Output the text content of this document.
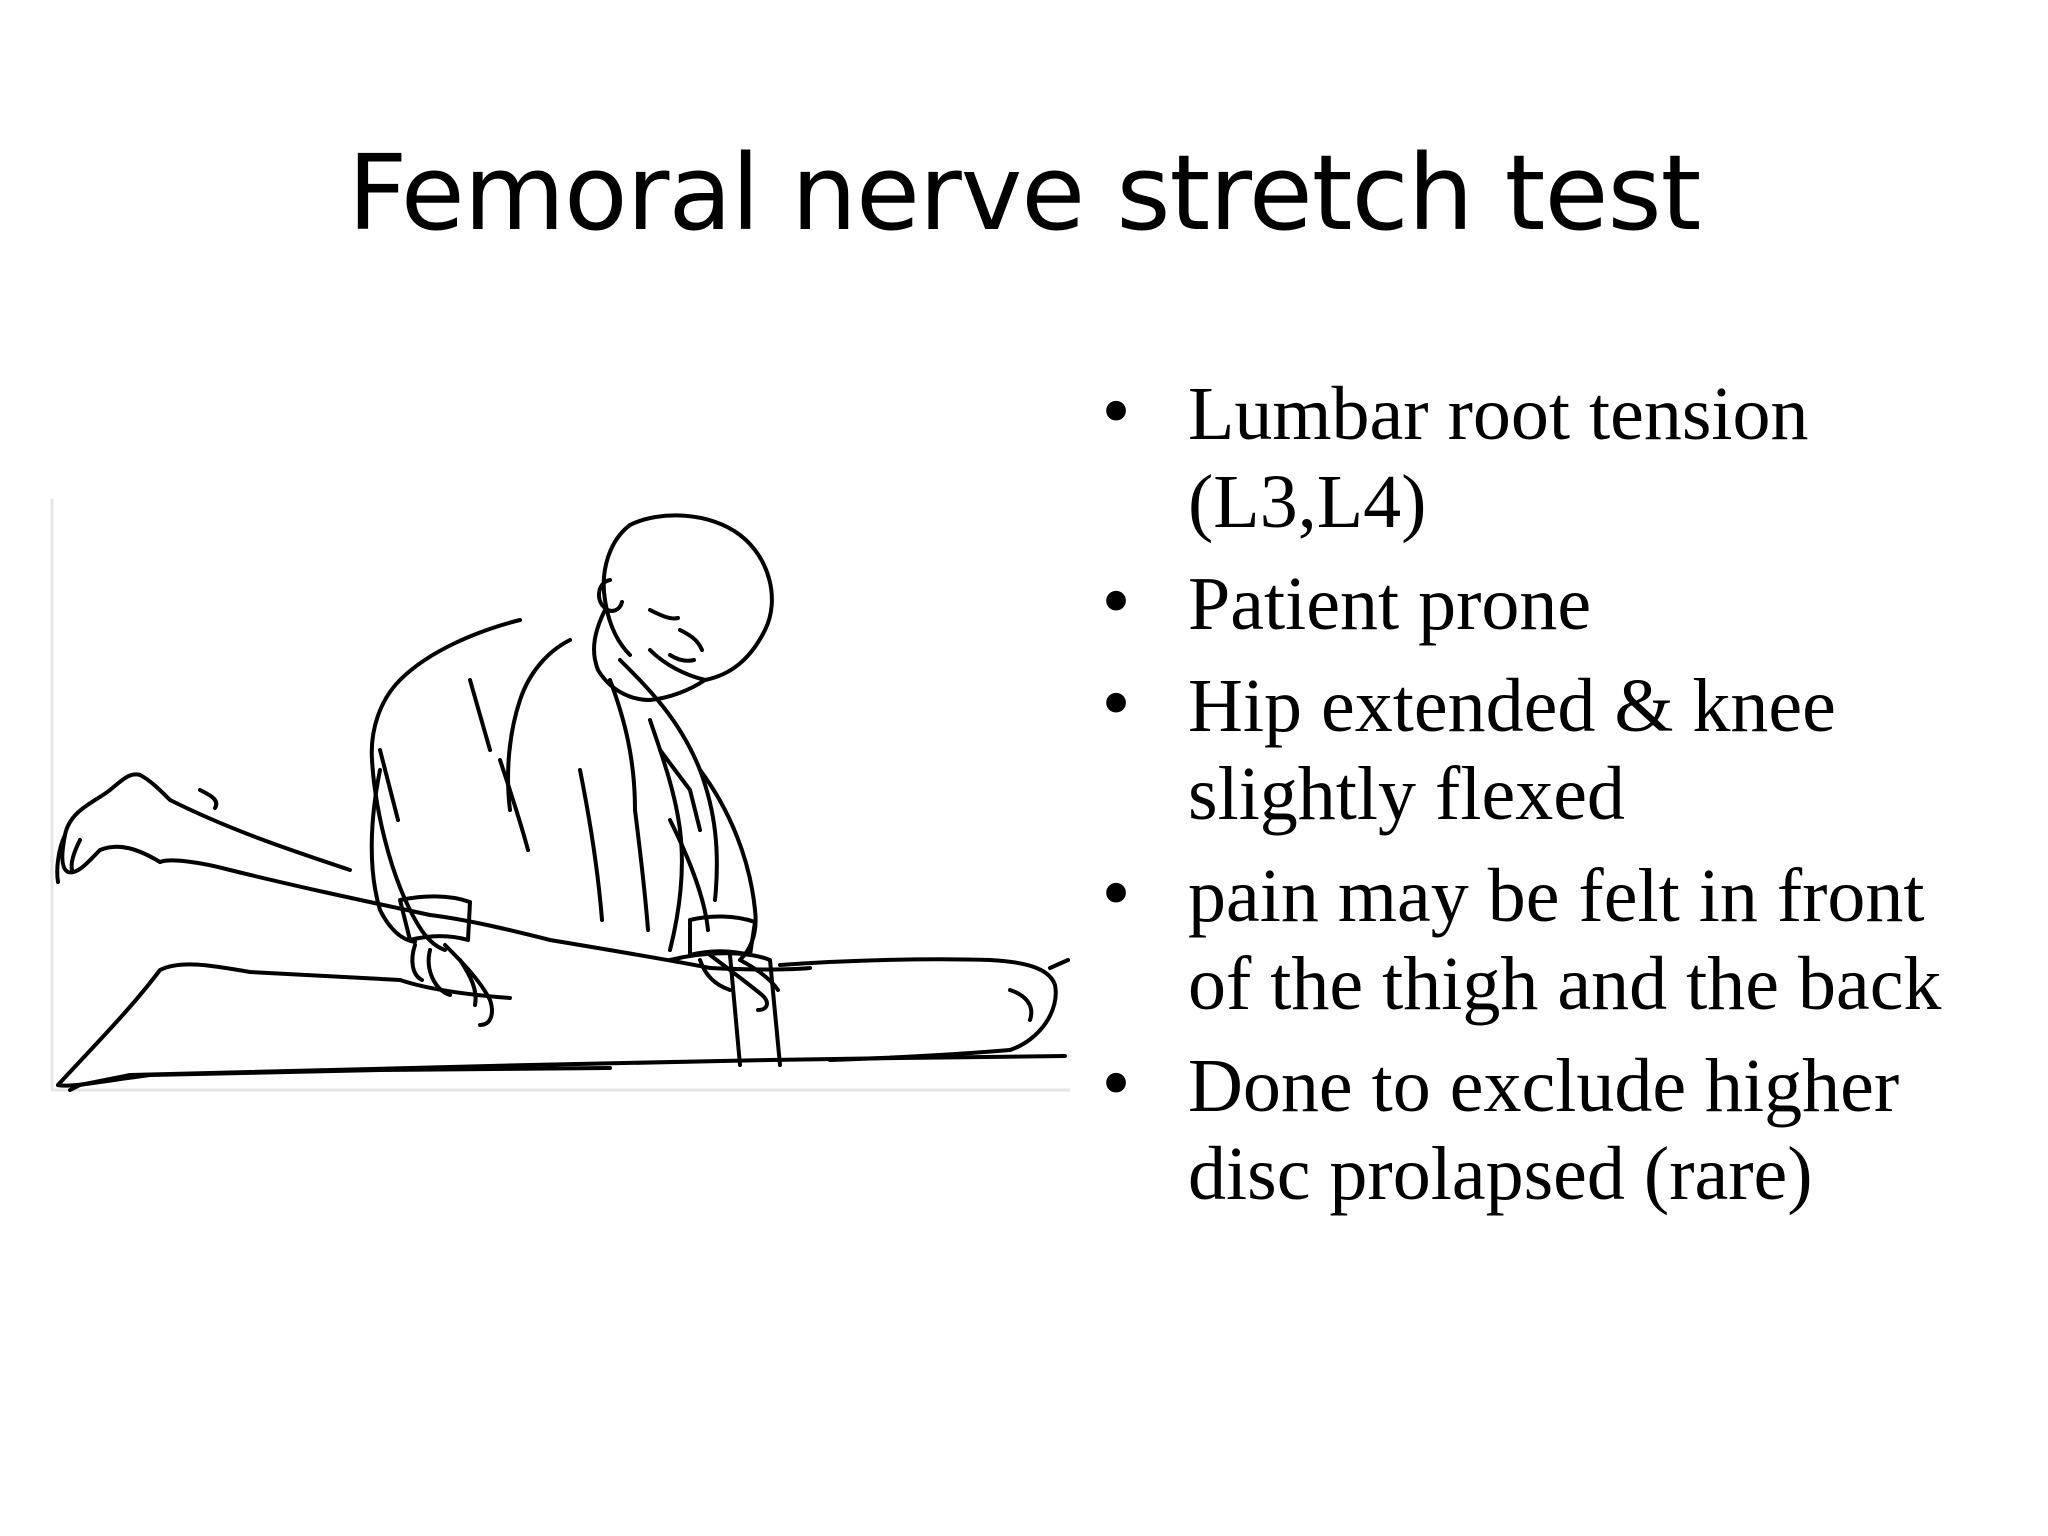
Femoral nerve stretch test
• Lumbar root tension (L3,L4)
• Patient prone
• Hip extended & knee slightly flexed
• pain may be felt in front of the thigh and the back
• Done to exclude higher disc prolapsed (rare)
